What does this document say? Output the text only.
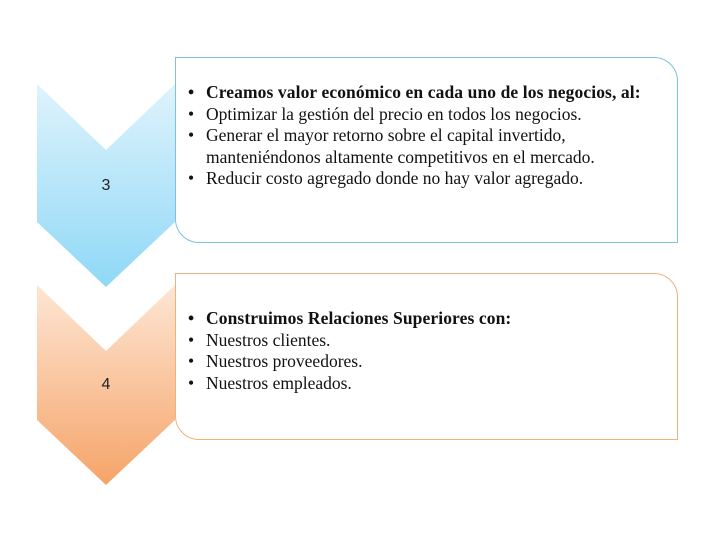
3
4
• Creamos valor económico en cada uno de los negocios, al:
• Optimizar la gestión del precio en todos los negocios.
• Generar el mayor retorno sobre el capital invertido, manteniéndonos altamente competitivos en el mercado.
• Reducir costo agregado donde no hay valor agregado.
• Construimos Relaciones Superiores con:
• Nuestros clientes.
• Nuestros proveedores.
• Nuestros empleados.
